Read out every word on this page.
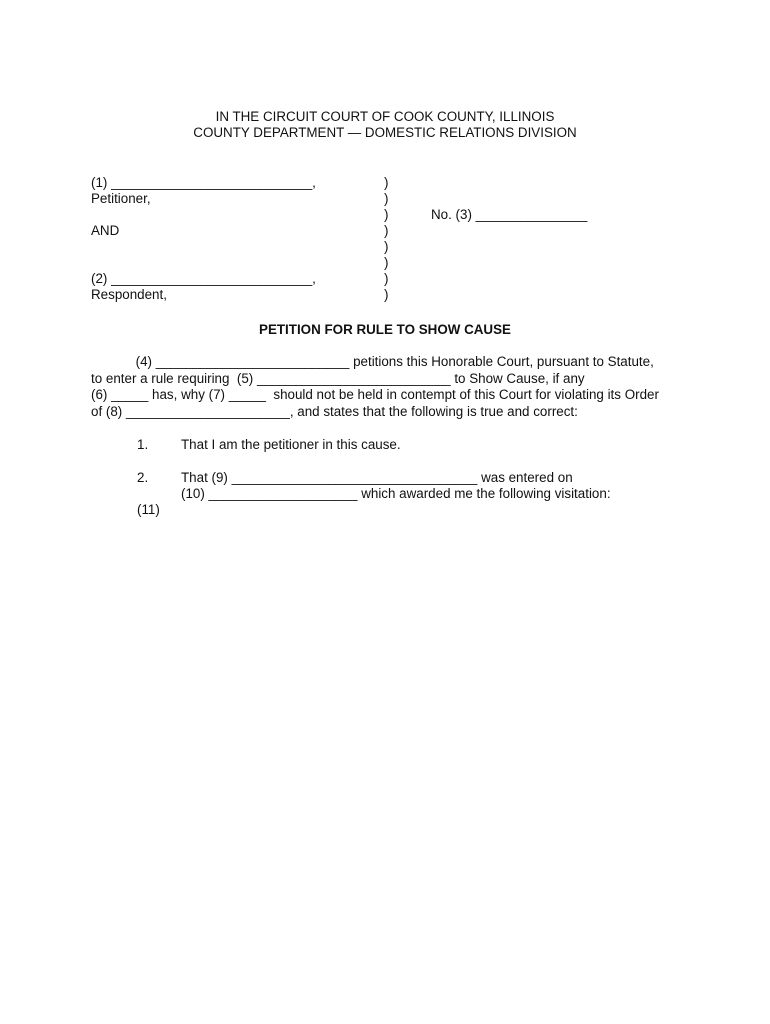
IN THE CIRCUIT COURT OF COOK COUNTY, ILLINOIS
COUNTY DEPARTMENT — DOMESTIC RELATIONS DIVISION
(1) ___________________________,
Petitioner,
AND
(2) ___________________________,
Respondent,
)
)
)
)
)
)
)
)
No. (3) _______________
PETITION FOR RULE TO SHOW CAUSE
(4) __________________________ petitions this Honorable Court, pursuant to Statute,
to enter a rule requiring  (5) __________________________ to Show Cause, if any
(6) _____ has, why (7) _____  should not be held in contempt of this Court for violating its Order
of (8) ______________________, and states that the following is true and correct:
1. That I am the petitioner in this cause.
2. That (9) _________________________________ was entered on
(10) ____________________ which awarded me the following visitation:
(11)
